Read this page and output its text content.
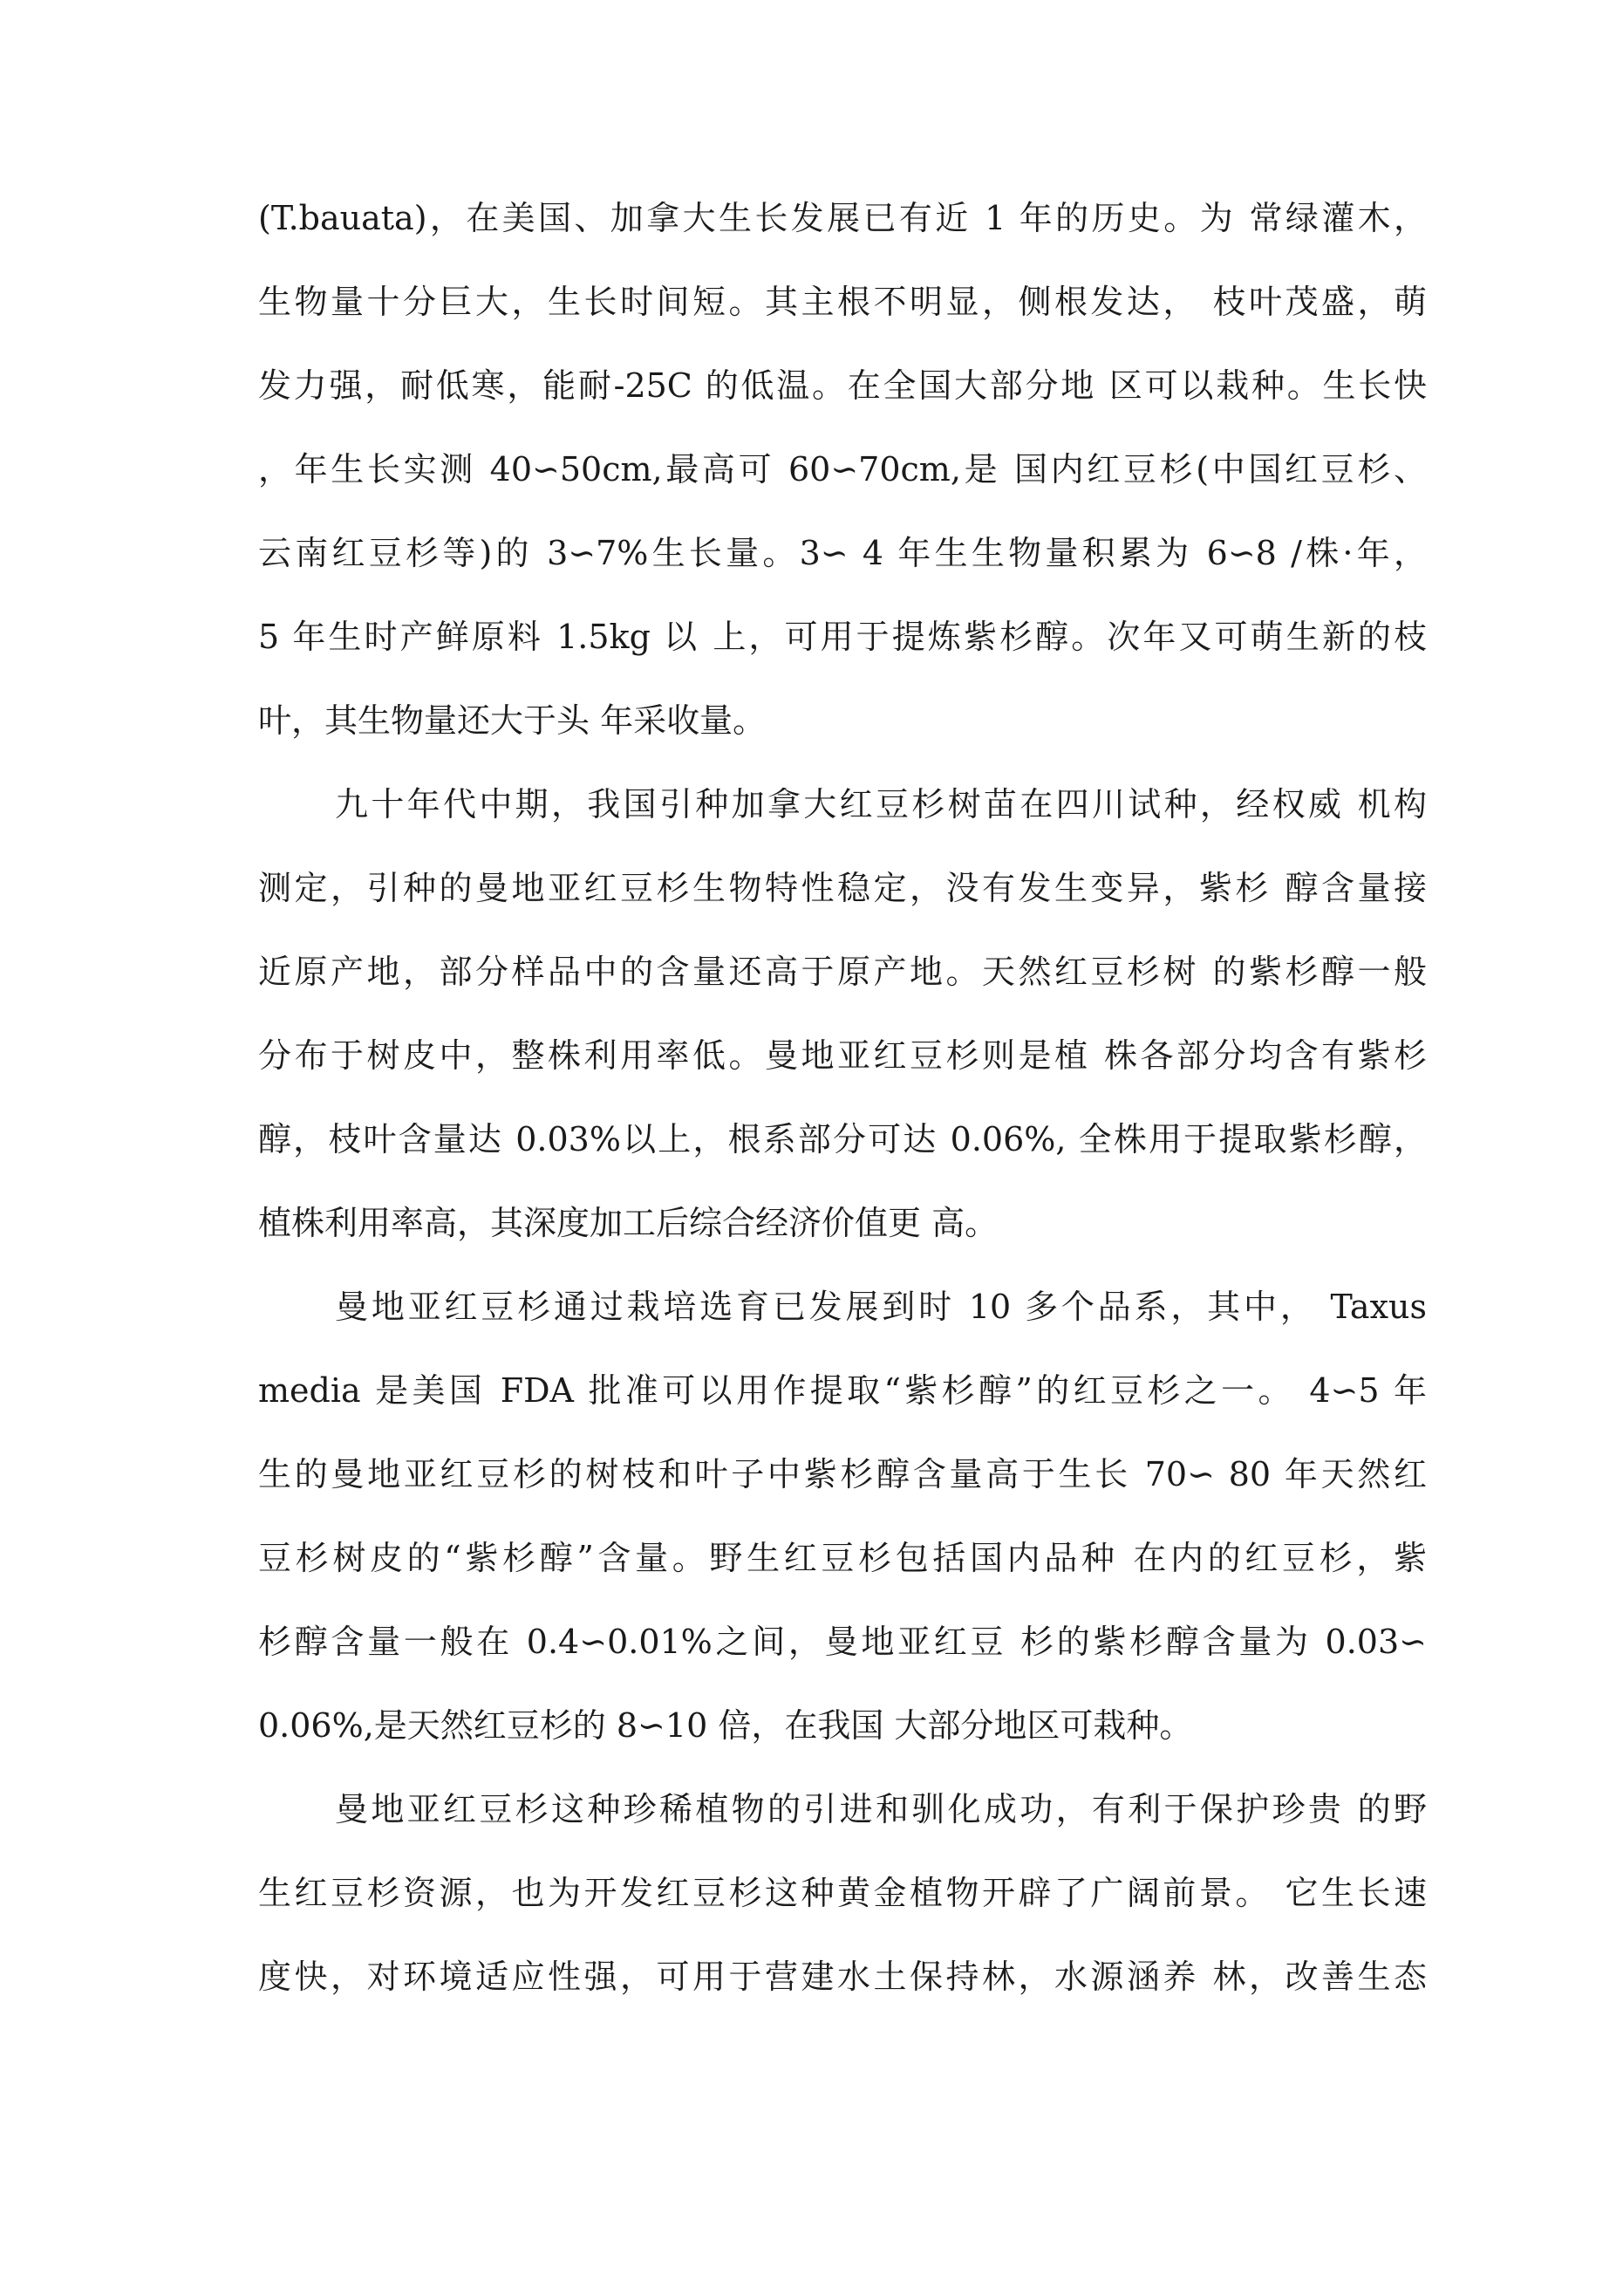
(T.bauata)，在美国、加拿大生长发展已有近 1 年的历史。为 常绿灌木，
生物量十分巨大，生长时间短。其主根不明显，侧根发达， 枝叶茂盛，萌
发力强，耐低寒，能耐-25C 的低温。在全国大部分地 区可以栽种。生长快
，年生长实测 40∽50cm,最高可 60∽70cm,是 国内红豆杉(中国红豆杉、
云南红豆杉等)的 3∽7%生长量。3∽ 4 年生生物量积累为 6∽8 /株·年，
5 年生时产鲜原料 1.5kg 以 上，可用于提炼紫杉醇。次年又可萌生新的枝
叶，其生物量还大于头 年采收量。
九十年代中期，我国引种加拿大红豆杉树苗在四川试种，经权威 机构
测定，引种的曼地亚红豆杉生物特性稳定，没有发生变异，紫杉 醇含量接
近原产地，部分样品中的含量还高于原产地。天然红豆杉树 的紫杉醇一般
分布于树皮中，整株利用率低。曼地亚红豆杉则是植 株各部分均含有紫杉
醇，枝叶含量达 0.03%以上，根系部分可达 0.06%, 全株用于提取紫杉醇，
植株利用率高，其深度加工后综合经济价值更 高。
曼地亚红豆杉通过栽培选育已发展到时 10 多个品系，其中， Taxus
media 是美国 FDA 批准可以用作提取“紫杉醇”的红豆杉之一。 4∽5 年
生的曼地亚红豆杉的树枝和叶子中紫杉醇含量高于生长 70∽ 80 年天然红
豆杉树皮的“紫杉醇”含量。野生红豆杉包括国内品种 在内的红豆杉，紫
杉醇含量一般在 0.4∽0.01%之间，曼地亚红豆 杉的紫杉醇含量为 0.03∽
0.06%,是天然红豆杉的 8∽10 倍，在我国 大部分地区可栽种。
曼地亚红豆杉这种珍稀植物的引进和驯化成功，有利于保护珍贵 的野
生红豆杉资源，也为开发红豆杉这种黄金植物开辟了广阔前景。 它生长速
度快，对环境适应性强，可用于营建水土保持林，水源涵养 林，改善生态
